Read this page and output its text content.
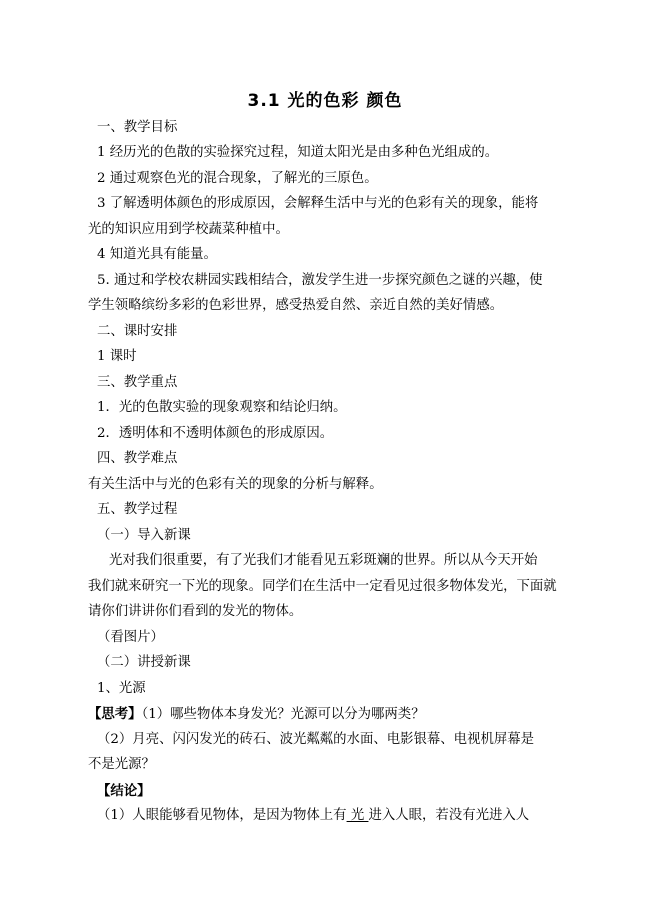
3.1 光的色彩 颜色
一、教学目标
1 经历光的色散的实验探究过程，知道太阳光是由多种色光组成的。
2 通过观察色光的混合现象，了解光的三原色。
3 了解透明体颜色的形成原因，会解释生活中与光的色彩有关的现象，能将
光的知识应用到学校蔬菜种植中。
4 知道光具有能量。
5. 通过和学校农耕园实践相结合，激发学生进一步探究颜色之谜的兴趣，使
学生领略缤纷多彩的色彩世界，感受热爱自然、亲近自然的美好情感。
二、课时安排
1 课时
三、教学重点
1．光的色散实验的现象观察和结论归纳。
2．透明体和不透明体颜色的形成原因。
四、教学难点
有关生活中与光的色彩有关的现象的分析与解释。
五、教学过程
（一）导入新课
光对我们很重要，有了光我们才能看见五彩斑斓的世界。所以从今天开始
我们就来研究一下光的现象。同学们在生活中一定看见过很多物体发光，下面就
请你们讲讲你们看到的发光的物体。
（看图片）
（二）讲授新课
1、光源
【思考】（1）哪些物体本身发光？光源可以分为哪两类？
（2）月亮、闪闪发光的砖石、波光粼粼的水面、电影银幕、电视机屏幕是
不是光源？
【结论】
（1）人眼能够看见物体，是因为物体上有 光 进入人眼，若没有光进入人
